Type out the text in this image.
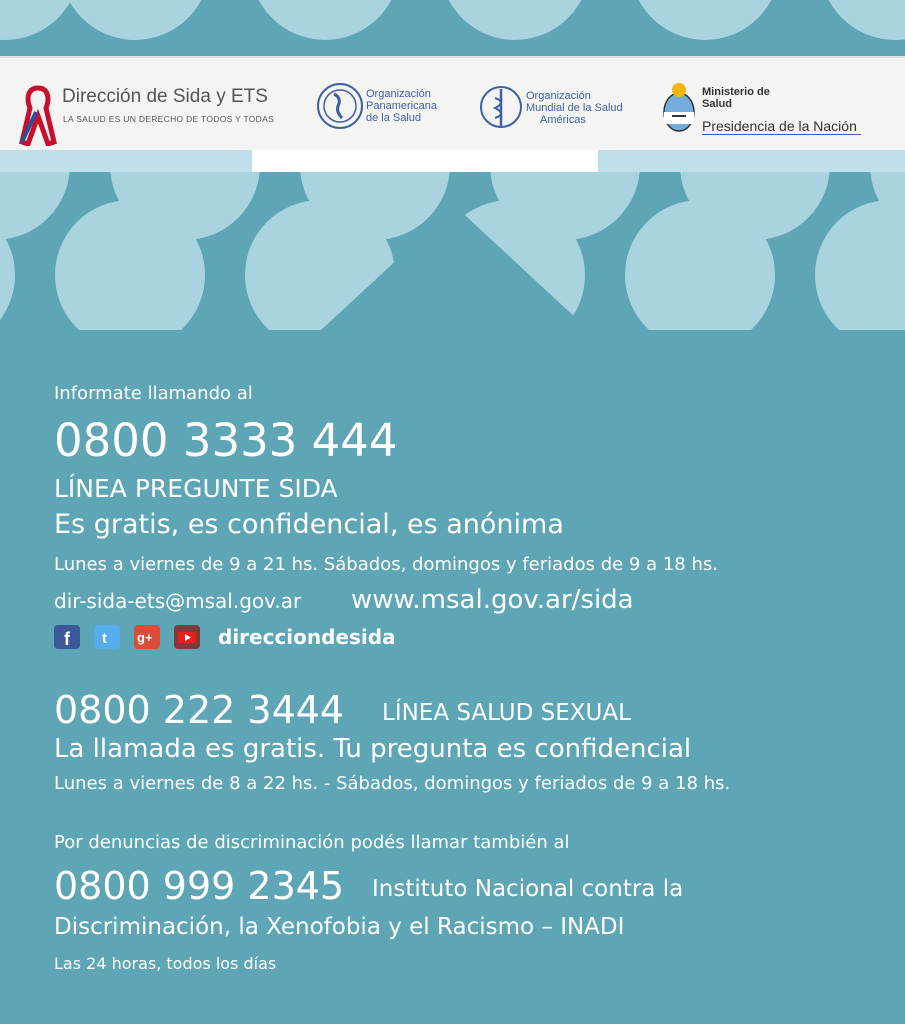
Dirección de Sida y ETS
LA SALUD ES UN DERECHO DE TODOS Y TODAS
Organización
Panamericana
de la Salud
Organización
Mundial de la Salud
Américas
Ministerio de
Salud
Presidencia de la Nación
Informate llamando al
0800 3333 444
LÍNEA PREGUNTE SIDA
Es gratis, es confidencial, es anónima
Lunes a viernes de 9 a 21 hs. Sábados, domingos y feriados de 9 a 18 hs.
dir-sida-ets@msal.gov.ar www.msal.gov.ar/sida
f t g+	direcciondesida
0800 222 3444 LÍNEA SALUD SEXUAL
La llamada es gratis. Tu pregunta es confidencial
Lunes a viernes de 8 a 22 hs. - Sábados, domingos y feriados de 9 a 18 hs.
Por denuncias de discriminación podés llamar también al
0800 999 2345 Instituto Nacional contra la
Discriminación, la Xenofobia y el Racismo – INADI
Las 24 horas, todos los días
